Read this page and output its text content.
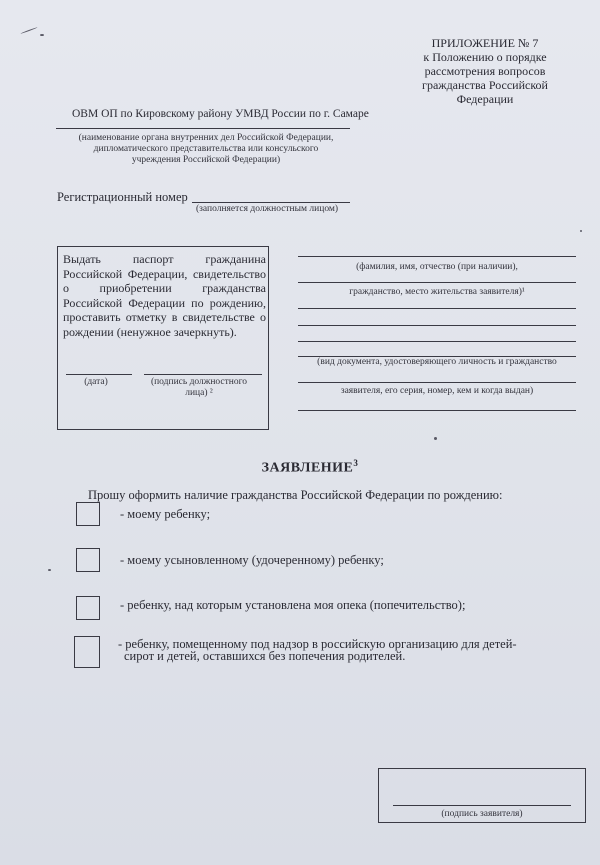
ПРИЛОЖЕНИЕ № 7
к Положению о порядке
рассмотрения вопросов
гражданства Российской
Федерации
ОВМ ОП по Кировскому району УМВД России по г. Самаре
(наименование органа внутренних дел Российской Федерации,
дипломатического представительства или консульского
учреждения Российской Федерации)
Регистрационный номер
(заполняется должностным лицом)
Выдать паспорт гражданина Российской Федерации, свидетельство о приобретении гражданства Российской Федерации по рождению, проставить отметку в свидетельстве о рождении (ненужное зачеркнуть).
(дата)	(подпись должностного лица) ²
(фамилия, имя, отчество (при наличии),
гражданство, место жительства заявителя)¹
(вид документа, удостоверяющего личность и гражданство
заявителя, его серия, номер, кем и когда выдан)
ЗАЯВЛЕНИЕ$^3$
Прошу оформить наличие гражданства Российской Федерации по рождению:
- моему ребенку;
- моему усыновленному (удочеренному) ребенку;
- ребенку, над которым установлена моя опека (попечительство);
- ребенку, помещенному под надзор в российскую организацию для детей-
сирот и детей, оставшихся без попечения родителей.
(подпись заявителя)
